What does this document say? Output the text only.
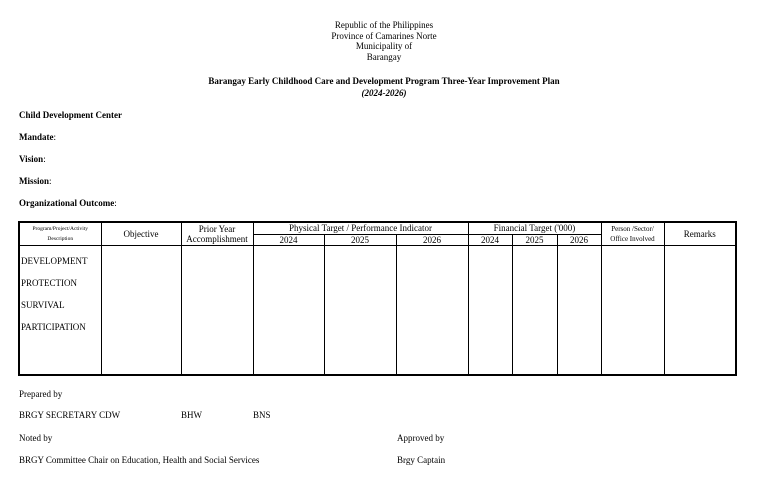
Republic of the Philippines
Province of Camarines Norte
Municipality of
Barangay
Barangay Early Childhood Care and Development Program Three-Year Improvement Plan
(2024-2026)
Child Development Center
Mandate:
Vision:
Mission:
Organizational Outcome:
Program/Project/Activity Description	Objective	Prior Year Accomplishment	Physical Target / Performance Indicator			Financial Target ('000)			Person /Sector/ Office Involved	Remarks
			2024	2025	2026	2024	2025	2026		

DEVELOPMENT
PROTECTION
SURVIVAL
PARTICIPATION										

Prepared by
BRGY SECRETARY CDW	BHW	BNS
Noted by	Approved by
BRGY Committee Chair on Education, Health and Social Services	Brgy Captain
